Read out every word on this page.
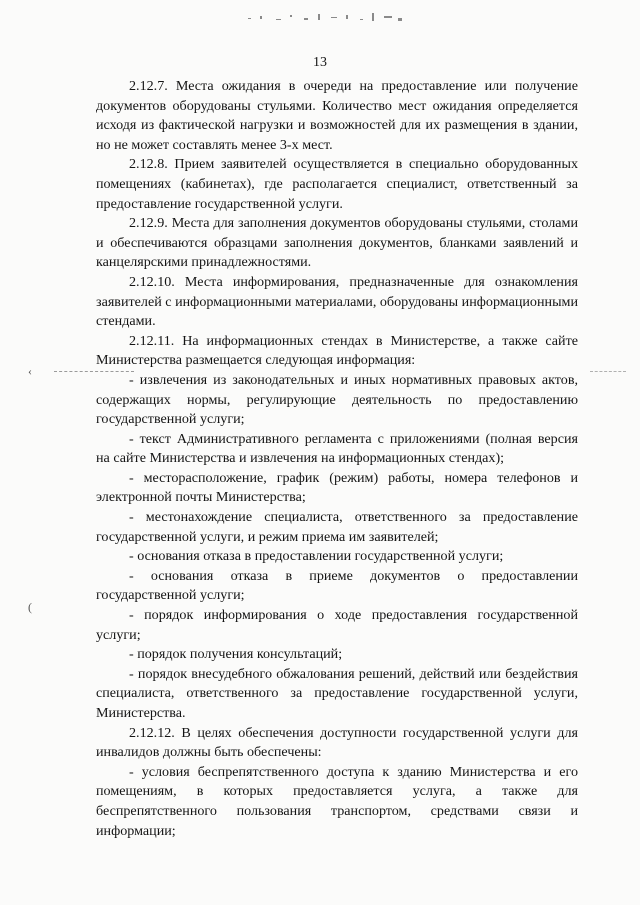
13
‹
(

2.12.7. Места ожидания в очереди на предоставление или получение документов оборудованы стульями. Количество мест ожидания определяется исходя из фактической нагрузки и возможностей для их размещения в здании, но не может составлять менее 3-х мест.

2.12.8. Прием заявителей осуществляется в специально оборудованных помещениях (кабинетах), где располагается специалист, ответственный за предоставление государственной услуги.

2.12.9. Места для заполнения документов оборудованы стульями, столами и обеспечиваются образцами заполнения документов, бланками заявлений и канцелярскими принадлежностями.

2.12.10. Места информирования, предназначенные для ознакомления заявителей с информационными материалами, оборудованы информационными стендами.

2.12.11. На информационных стендах в Министерстве, а также сайте Министерства размещается следующая информация:

- извлечения из законодательных и иных нормативных правовых актов, содержащих нормы, регулирующие деятельность по предоставлению государственной услуги;

- текст Административного регламента с приложениями (полная версия на сайте Министерства и извлечения на информационных стендах);

- месторасположение, график (режим) работы, номера телефонов и электронной почты Министерства;

- местонахождение специалиста, ответственного за предоставление государственной услуги, и режим приема им заявителей;

- основания отказа в предоставлении государственной услуги;

- основания отказа в приеме документов о предоставлении государственной услуги;

- порядок информирования о ходе предоставления государственной услуги;

- порядок получения консультаций;

- порядок внесудебного обжалования решений, действий или бездействия специалиста, ответственного за предоставление государственной услуги, Министерства.

2.12.12. В целях обеспечения доступности государственной услуги для инвалидов должны быть обеспечены:

- условия беспрепятственного доступа к зданию Министерства и его помещениям, в которых предоставляется услуга, а также для беспрепятственного пользования транспортом, средствами связи и информации;
